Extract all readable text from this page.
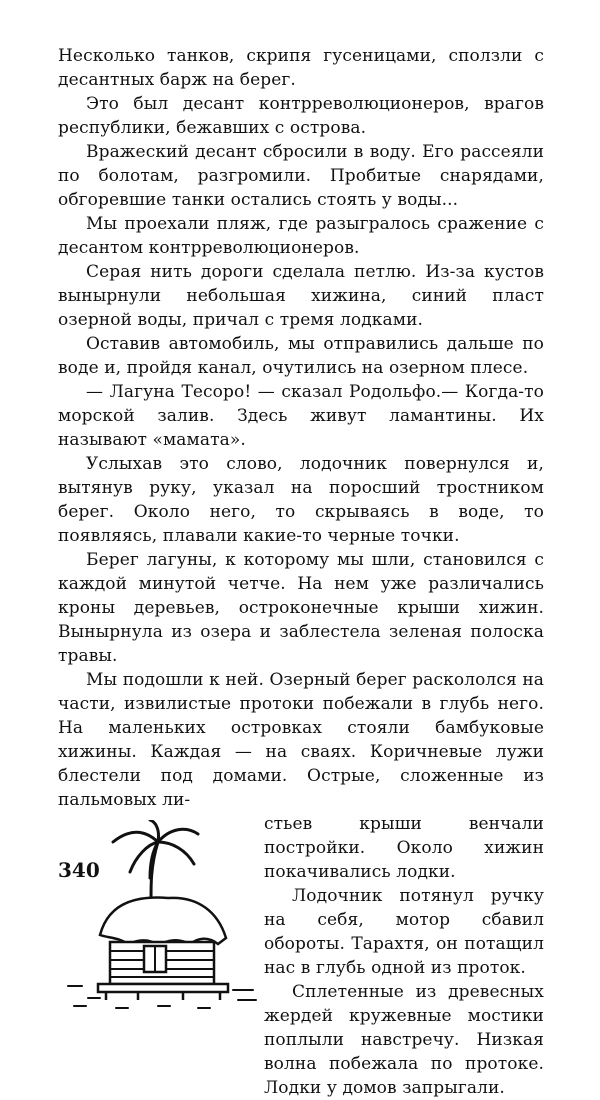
Несколько танков, скрипя гусеницами, сползли с десантных барж на берег.

Это был десант контрреволюционеров, врагов республики, бежавших с острова.

Вражеский десант сбросили в воду. Его рассеяли по болотам, разгромили. Пробитые снарядами, обгоревшие танки остались стоять у воды...

Мы проехали пляж, где разыгралось сражение с десантом контрреволюционеров.

Серая нить дороги сделала петлю. Из-за кустов вынырнули небольшая хижина, синий пласт озерной воды, причал с тремя лодками.

Оставив автомобиль, мы отправились дальше по воде и, пройдя канал, очутились на озерном плесе.

— Лагуна Тесоро! — сказал Родольфо.— Когда-то морской залив. Здесь живут ламантины. Их называют «мамата».

Услыхав это слово, лодочник повернулся и, вытянув руку, указал на поросший тростником берег. Около него, то скрываясь в воде, то появляясь, плавали какие-то черные точки.

Берег лагуны, к которому мы шли, становился с каждой минутой четче. На нем уже различались кроны деревьев, остроконечные крыши хижин. Вынырнула из озера и заблестела зеленая полоска травы.

Мы подошли к ней. Озерный берег раскололся на части, извилистые протоки побежали в глубь него. На маленьких островках стояли бамбуковые хижины. Каждая — на сваях. Коричневые лужи блестели под домами. Острые, сложенные из пальмовых ли-

стьев крыши венчали постройки. Около хижин покачивались лодки.

Лодочник потянул ручку на себя, мотор сбавил обороты. Тарахтя, он потащил нас в глубь одной из проток.

Сплетенные из древесных жердей кружевные мостики поплыли навстречу. Низкая волна побежала по протоке. Лодки у домов запрыгали.

340
